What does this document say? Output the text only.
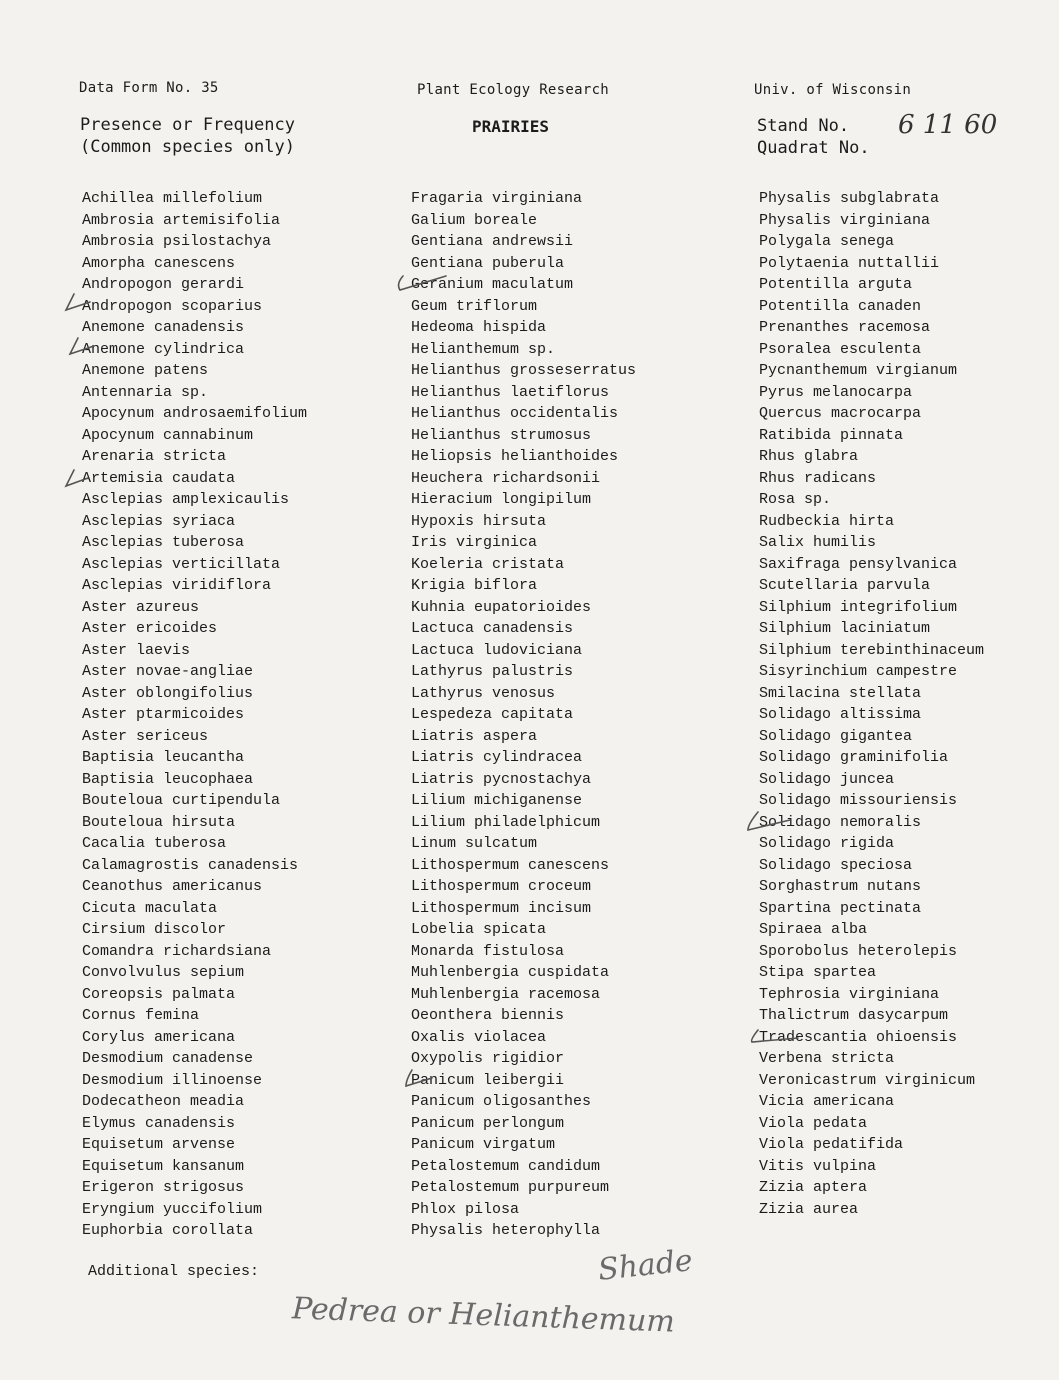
Data Form No. 35	Plant Ecology Research	Univ. of Wisconsin
Presence or Frequency
(Common species only)
PRAIRIES	Stand No.
Quadrat No.
6 11 60
Achillea millefolium
Ambrosia artemisifolia
Ambrosia psilostachya
Amorpha canescens
Andropogon gerardi
Andropogon scoparius
Anemone canadensis
Anemone cylindrica
Anemone patens
Antennaria sp.
Apocynum androsaemifolium
Apocynum cannabinum
Arenaria stricta
Artemisia caudata
Asclepias amplexicaulis
Asclepias syriaca
Asclepias tuberosa
Asclepias verticillata
Asclepias viridiflora
Aster azureus
Aster ericoides
Aster laevis
Aster novae-angliae
Aster oblongifolius
Aster ptarmicoides
Aster sericeus
Baptisia leucantha
Baptisia leucophaea
Bouteloua curtipendula
Bouteloua hirsuta
Cacalia tuberosa
Calamagrostis canadensis
Ceanothus americanus
Cicuta maculata
Cirsium discolor
Comandra richardsiana
Convolvulus sepium
Coreopsis palmata
Cornus femina
Corylus americana
Desmodium canadense
Desmodium illinoense
Dodecatheon meadia
Elymus canadensis
Equisetum arvense
Equisetum kansanum
Erigeron strigosus
Eryngium yuccifolium
Euphorbia corollata
Fragaria virginiana
Galium boreale
Gentiana andrewsii
Gentiana puberula
Geranium maculatum
Geum triflorum
Hedeoma hispida
Helianthemum sp.
Helianthus grosseserratus
Helianthus laetiflorus
Helianthus occidentalis
Helianthus strumosus
Heliopsis helianthoides
Heuchera richardsonii
Hieracium longipilum
Hypoxis hirsuta
Iris virginica
Koeleria cristata
Krigia biflora
Kuhnia eupatorioides
Lactuca canadensis
Lactuca ludoviciana
Lathyrus palustris
Lathyrus venosus
Lespedeza capitata
Liatris aspera
Liatris cylindracea
Liatris pycnostachya
Lilium michiganense
Lilium philadelphicum
Linum sulcatum
Lithospermum canescens
Lithospermum croceum
Lithospermum incisum
Lobelia spicata
Monarda fistulosa
Muhlenbergia cuspidata
Muhlenbergia racemosa
Oeonthera biennis
Oxalis violacea
Oxypolis rigidior
Panicum leibergii
Panicum oligosanthes
Panicum perlongum
Panicum virgatum
Petalostemum candidum
Petalostemum purpureum
Phlox pilosa
Physalis heterophylla
Physalis subglabrata
Physalis virginiana
Polygala senega
Polytaenia nuttallii
Potentilla arguta
Potentilla canaden
Prenanthes racemosa
Psoralea esculenta
Pycnanthemum virgianum
Pyrus melanocarpa
Quercus macrocarpa
Ratibida pinnata
Rhus glabra
Rhus radicans
Rosa sp.
Rudbeckia hirta
Salix humilis
Saxifraga pensylvanica
Scutellaria parvula
Silphium integrifolium
Silphium laciniatum
Silphium terebinthinaceum
Sisyrinchium campestre
Smilacina stellata
Solidago altissima
Solidago gigantea
Solidago graminifolia
Solidago juncea
Solidago missouriensis
Solidago nemoralis
Solidago rigida
Solidago speciosa
Sorghastrum nutans
Spartina pectinata
Spiraea alba
Sporobolus heterolepis
Stipa spartea
Tephrosia virginiana
Thalictrum dasycarpum
Tradescantia ohioensis
Verbena stricta
Veronicastrum virginicum
Vicia americana
Viola pedata
Viola pedatifida
Vitis vulpina
Zizia aptera
Zizia aurea
Additional species:	Shade
Pedrea or Helianthemum
